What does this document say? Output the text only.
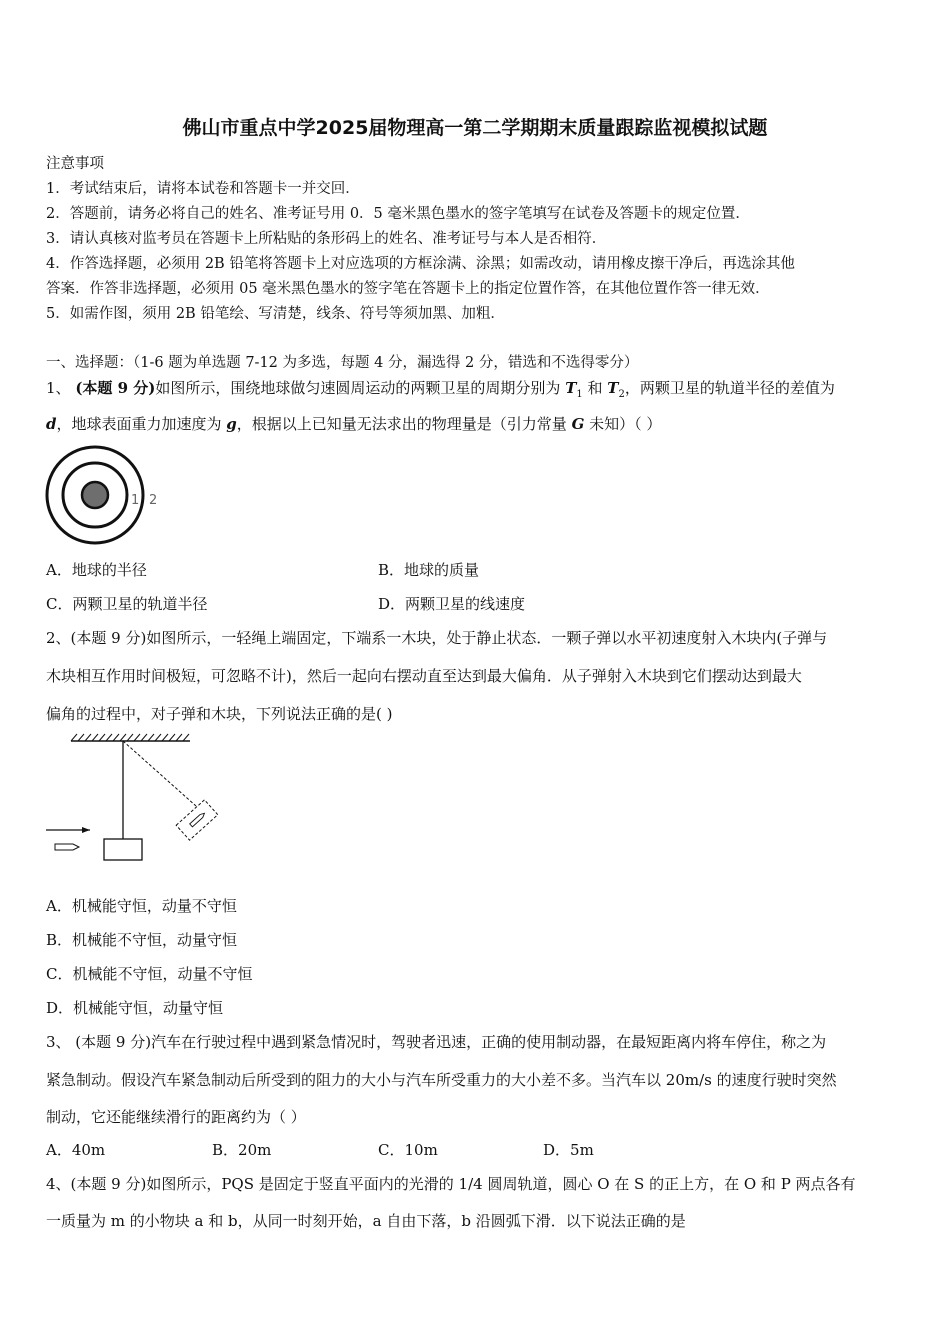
佛山市重点中学2025届物理高一第二学期期末质量跟踪监视模拟试题
注意事项
1．考试结束后，请将本试卷和答题卡一并交回．
2．答题前，请务必将自己的姓名、准考证号用 0．5 毫米黑色墨水的签字笔填写在试卷及答题卡的规定位置．
3．请认真核对监考员在答题卡上所粘贴的条形码上的姓名、准考证号与本人是否相符．
4．作答选择题，必须用 2B 铅笔将答题卡上对应选项的方框涂满、涂黑；如需改动，请用橡皮擦干净后，再选涂其他
答案．作答非选择题，必须用 05 毫米黑色墨水的签字笔在答题卡上的指定位置作答，在其他位置作答一律无效．
5．如需作图，须用 2B 铅笔绘、写清楚，线条、符号等须加黑、加粗．
一、选择题：（1-6 题为单选题 7-12 为多选，每题 4 分，漏选得 2 分，错选和不选得零分）
1、 (本题 9 分)如图所示，围绕地球做匀速圆周运动的两颗卫星的周期分别为 $T_1$ 和 $T_2$，两颗卫星的轨道半径的差值为
d，地球表面重力加速度为 g，根据以上已知量无法求出的物理量是（引力常量 G 未知）（ ）
1 2
A．地球的半径	B．地球的质量
C．两颗卫星的轨道半径	D．两颗卫星的线速度
2、(本题 9 分)如图所示，一轻绳上端固定，下端系一木块，处于静止状态．一颗子弹以水平初速度射入木块内(子弹与
木块相互作用时间极短，可忽略不计)，然后一起向右摆动直至达到最大偏角．从子弹射入木块到它们摆动达到最大
偏角的过程中，对子弹和木块，下列说法正确的是( )
A．机械能守恒，动量不守恒
B．机械能不守恒，动量守恒
C．机械能不守恒，动量不守恒
D．机械能守恒，动量守恒
3、 (本题 9 分)汽车在行驶过程中遇到紧急情况时，驾驶者迅速，正确的使用制动器，在最短距离内将车停住，称之为
紧急制动。假设汽车紧急制动后所受到的阻力的大小与汽车所受重力的大小差不多。当汽车以 20m/s 的速度行驶时突然
制动，它还能继续滑行的距离约为（ ）
A．40m	B．20m	C．10m	D．5m
4、(本题 9 分)如图所示，PQS 是固定于竖直平面内的光滑的 1/4 圆周轨道，圆心 O 在 S 的正上方，在 O 和 P 两点各有
一质量为 m 的小物块 a 和 b，从同一时刻开始，a 自由下落，b 沿圆弧下滑．以下说法正确的是
